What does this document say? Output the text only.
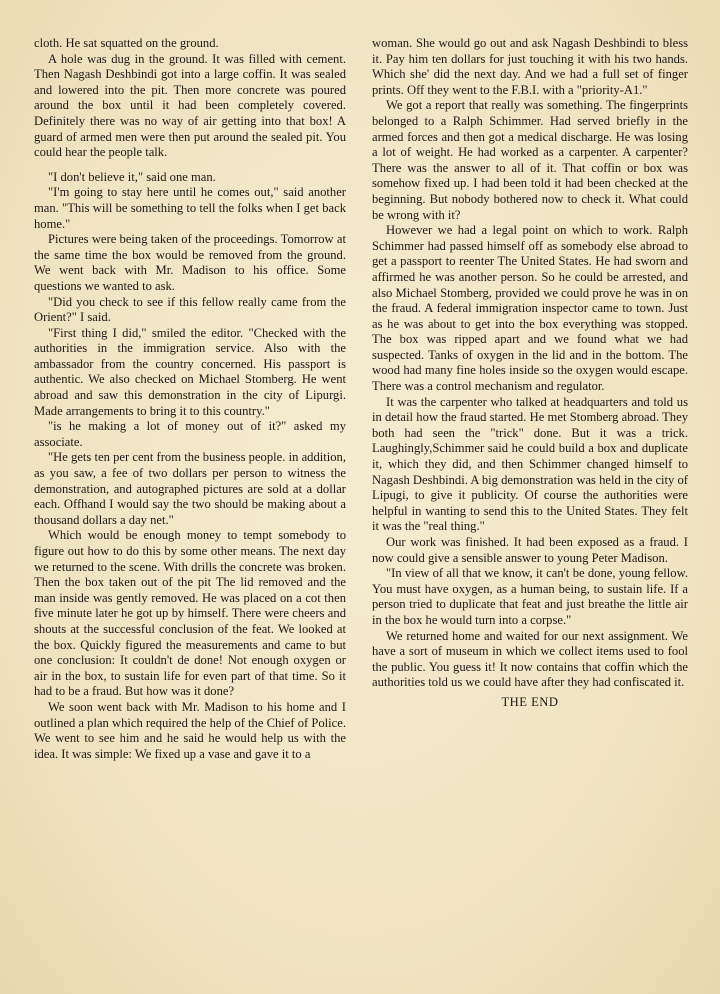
cloth. He sat squatted on the ground.

A hole was dug in the ground. It was filled with cement. Then Nagash Deshbindi got into a large coffin. It was sealed and lowered into the pit. Then more concrete was poured around the box until it had been completely covered. Definitely there was no way of air getting into that box! A guard of armed men were then put around the sealed pit. You could hear the people talk.

"I don't believe it," said one man.

"I'm going to stay here until he comes out," said another man. "This will be something to tell the folks when I get back home."

Pictures were being taken of the proceedings. Tomorrow at the same time the box would be removed from the ground. We went back with Mr. Madison to his office. Some questions we wanted to ask.

"Did you check to see if this fellow really came from the Orient?" I said.

"First thing I did," smiled the editor. "Checked with the authorities in the immigration service. Also with the ambassador from the country concerned. His passport is authentic. We also checked on Michael Stomberg. He went abroad and saw this demonstration in the city of Lipurgi. Made arrangements to bring it to this country."

"is he making a lot of money out of it?" asked my associate.

"He gets ten per cent from the business people. in addition, as you saw, a fee of two dollars per person to witness the demonstration, and autographed pictures are sold at a dollar each. Offhand I would say the two should be making about a thousand dollars a day net."

Which would be enough money to tempt somebody to figure out how to do this by some other means. The next day we returned to the scene. With drills the concrete was broken. Then the box taken out of the pit The lid removed and the man inside was gently removed. He was placed on a cot then five minute later he got up by himself. There were cheers and shouts at the successful conclusion of the feat. We looked at the box. Quickly figured the measurements and came to but one conclusion: It couldn't de done! Not enough oxygen or air in the box, to sustain life for even part of that time. So it had to be a fraud. But how was it done?

We soon went back with Mr. Madison to his home and I outlined a plan which required the help of the Chief of Police. We went to see him and he said he would help us with the idea. It was simple: We fixed up a vase and gave it to a

woman. She would go out and ask Nagash Deshbindi to bless it. Pay him ten dollars for just touching it with his two hands. Which she' did the next day. And we had a full set of finger prints. Off they went to the F.B.I. with a "priority-A1."

We got a report that really was something. The fingerprints belonged to a Ralph Schimmer. Had served briefly in the armed forces and then got a medical discharge. He was losing a lot of weight. He had worked as a carpenter. A carpenter? There was the answer to all of it. That coffin or box was somehow fixed up. I had been told it had been checked at the beginning. But nobody bothered now to check it. What could be wrong with it?

However we had a legal point on which to work. Ralph Schimmer had passed himself off as somebody else abroad to get a passport to reenter The United States. He had sworn and affirmed he was another person. So he could be arrested, and also Michael Stomberg, provided we could prove he was in on the fraud. A federal immigration inspector came to town. Just as he was about to get into the box everything was stopped. The box was ripped apart and we found what we had suspected. Tanks of oxygen in the lid and in the bottom. The wood had many fine holes inside so the oxygen would escape. There was a control mechanism and regulator.

It was the carpenter who talked at headquarters and told us in detail how the fraud started. He met Stomberg abroad. They both had seen the "trick" done. But it was a trick. Laughingly,Schimmer said he could build a box and duplicate it, which they did, and then Schimmer changed himself to Nagash Deshbindi. A big demonstration was held in the city of Lipugi, to give it publicity. Of course the authorities were helpful in wanting to send this to the United States. They felt it was the "real thing."

Our work was finished. It had been exposed as a fraud. I now could give a sensible answer to young Peter Madison.

"In view of all that we know, it can't be done, young fellow. You must have oxygen, as a human being, to sustain life. If a person tried to duplicate that feat and just breathe the little air in the box he would turn into a corpse."

We returned home and waited for our next assignment. We have a sort of museum in which we collect items used to fool the public. You guess it! It now contains that coffin which the authorities told us we could have after they had confiscated it.

THE END
